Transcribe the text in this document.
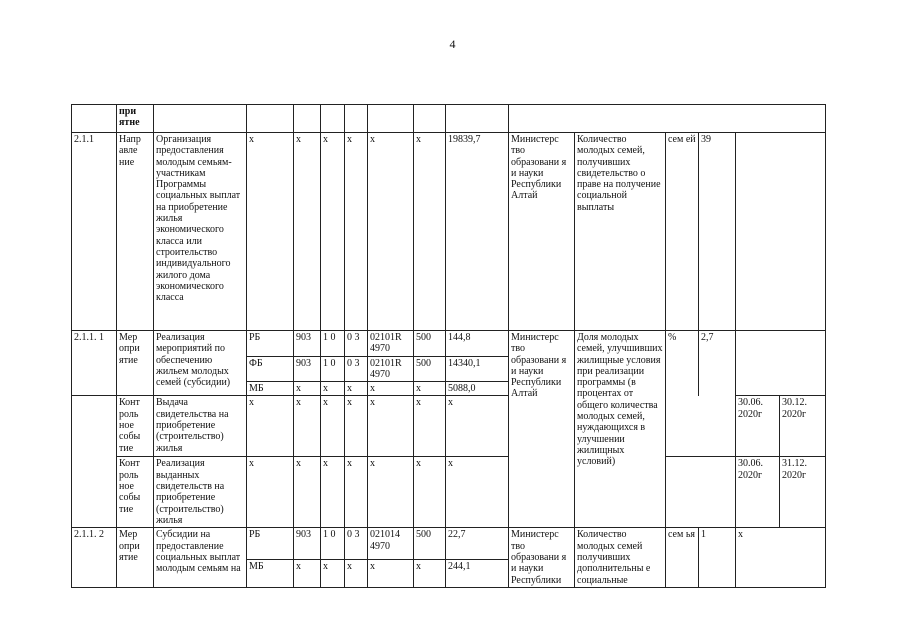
4
	при ятне														
2.1.1	Напр авле ние	Организация предоставления молодым семьям-участникам Программы социальных выплат на приобретение жилья экономического класса или строительство индивидуального жилого дома экономического класса	х	х	х	х	х	х	19839,7	Министерс тво образовани я и науки Республики Алтай	Количество молодых семей, получивших свидетельство о праве на получение социальной выплаты	сем ей	39		
2.1.1. 1	Мер опри ятие	Реализация мероприятий по обеспечению жильем молодых семей (субсидии)	РБ	903	1 0	0 3	02101R 4970	500	144,8	Министерс тво образовани я и науки Республики Алтай	Доля молодых семей, улучшивших жилищные условия при реализации программы (в процентах от общего количества молодых семей, нуждающихся в улучшении жилищных условий)	%	2,7		
			ФБ	903	1 0	0 3	02101R 4970	500	14340,1						
			МБ	х	х	х	х	х	5088,0						
	Конт роль ное собы тие	Выдача свидетельства на приобретение (строительство) жилья	х	х	х	х	х	х	х					30.06. 2020г	30.12. 2020г
	Конт роль ное собы тие	Реализация выданных свидетельств на приобретение (строительство) жилья	х	х	х	х	х	х	х					30.06. 2020г	31.12. 2020г
2.1.1. 2	Мер опри ятие	Субсидии на предоставление социальных выплат молодым семьям на	РБ	903	1 0	0 3	021014 4970	500	22,7	Министерс тво образовани я и науки Республики	Количество молодых семей получивших дополнительны е социальные	сем ья	1	х	
			МБ	х	х	х	х	х	244,1						
